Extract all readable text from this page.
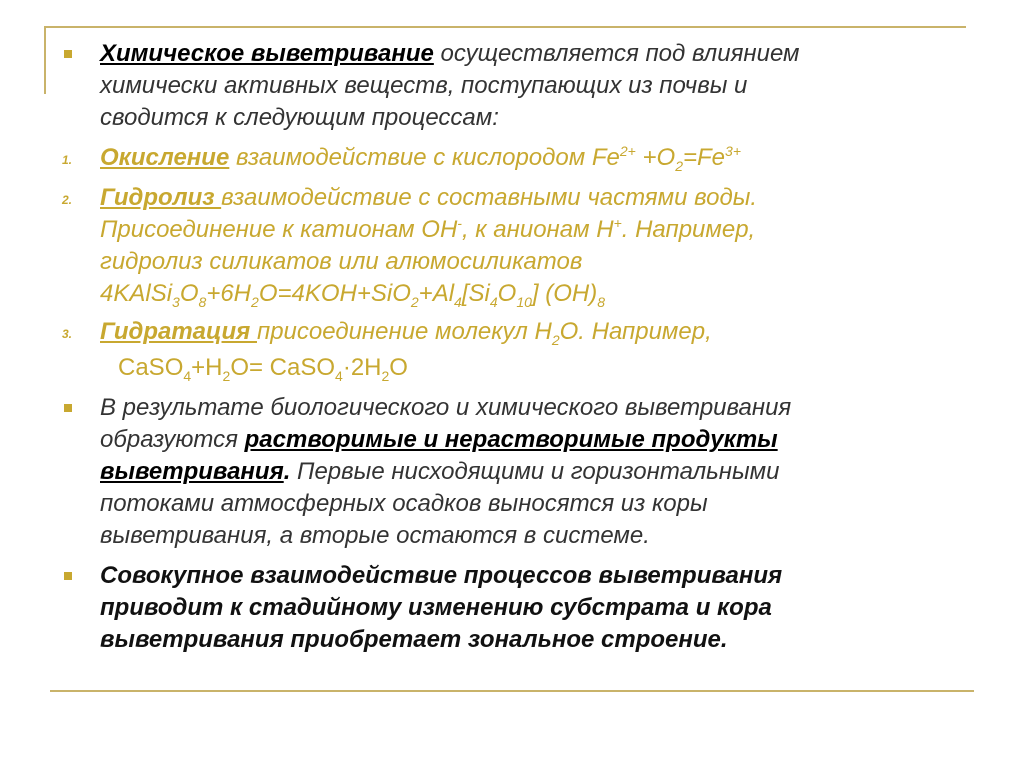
Химическое выветривание осуществляется под влиянием
химически активных веществ, поступающих из почвы и
сводится к следующим процессам:
1. Окисление взаимодействие с кислородом $Fe^{2+} +O_2=Fe^{3+}$
2. Гидролиз взаимодействие с составными частями воды.
Присоединение к катионам OH-, к анионам H+. Например,
гидролиз силикатов или алюмосиликатов
$4KAlSi_3O_8+6H_2O=4KOH+SiO_2+Al_4[Si_4O_{10}]$ $(OH)_8$
3. Гидратация присоединение молекул $H_2O$. Например,
$CaSO_4+H_2O=$ $CaSO_4\cdot 2H_2O$
В результате биологического и химического выветривания
образуются растворимые и нерастворимые продукты
выветривания. Первые нисходящими и горизонтальными
потоками атмосферных осадков выносятся из коры
выветривания, а вторые остаются в системе.
Совокупное взаимодействие процессов выветривания
приводит к стадийному изменению субстрата и кора
выветривания приобретает зональное строение.
